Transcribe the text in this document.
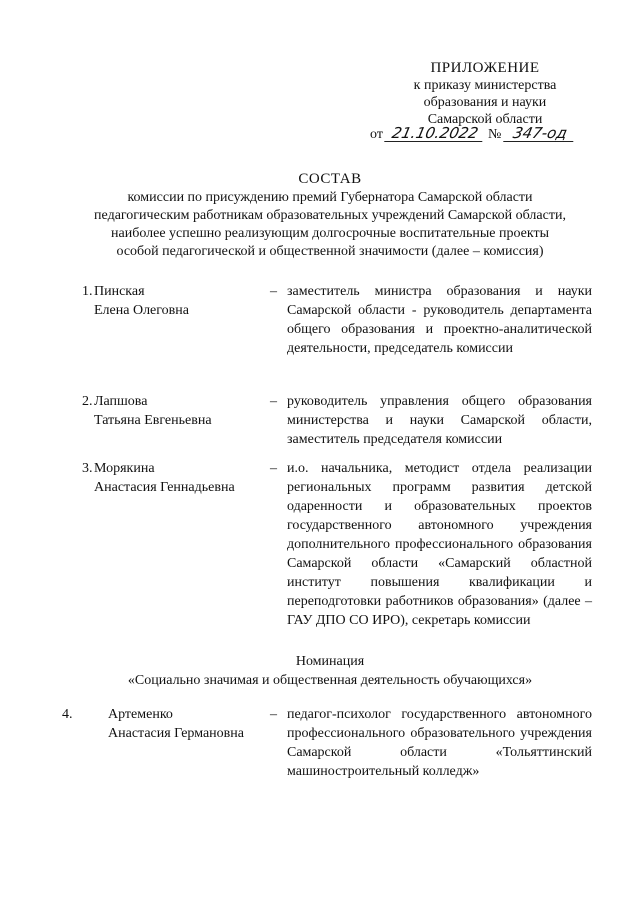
ПРИЛОЖЕНИЕ
к приказу министерства
образования и науки
Самарской области
от 21.10.2022 № 347-од
СОСТАВ
комиссии по присуждению премий Губернатора Самарской области
педагогическим работникам образовательных учреждений Самарской области,
наиболее успешно реализующим долгосрочные воспитательные проекты
особой педагогической и общественной значимости (далее – комиссия)
1. Пинская
Елена Олеговна
– заместитель министра образования и науки Самарской области - руководитель департамента общего образования и проектно-аналитической деятельности, председатель комиссии
2. Лапшова
Татьяна Евгеньевна
– руководитель управления общего образования министерства и науки Самарской области, заместитель председателя комиссии
3. Морякина
Анастасия Геннадьевна
– и.о. начальника, методист отдела реализации региональных программ развития детской одаренности и образовательных проектов государственного автономного учреждения дополнительного профессионального образования Самарской области «Самарский областной институт повышения квалификации и переподготовки работников образования» (далее – ГАУ ДПО СО ИРО), секретарь комиссии
Номинация
«Социально значимая и общественная деятельность обучающихся»
4.	Артеменко
Анастасия Германовна
– педагог-психолог государственного автономного профессионального образовательного учреждения Самарской области «Тольяттинский машиностроительный колледж»
